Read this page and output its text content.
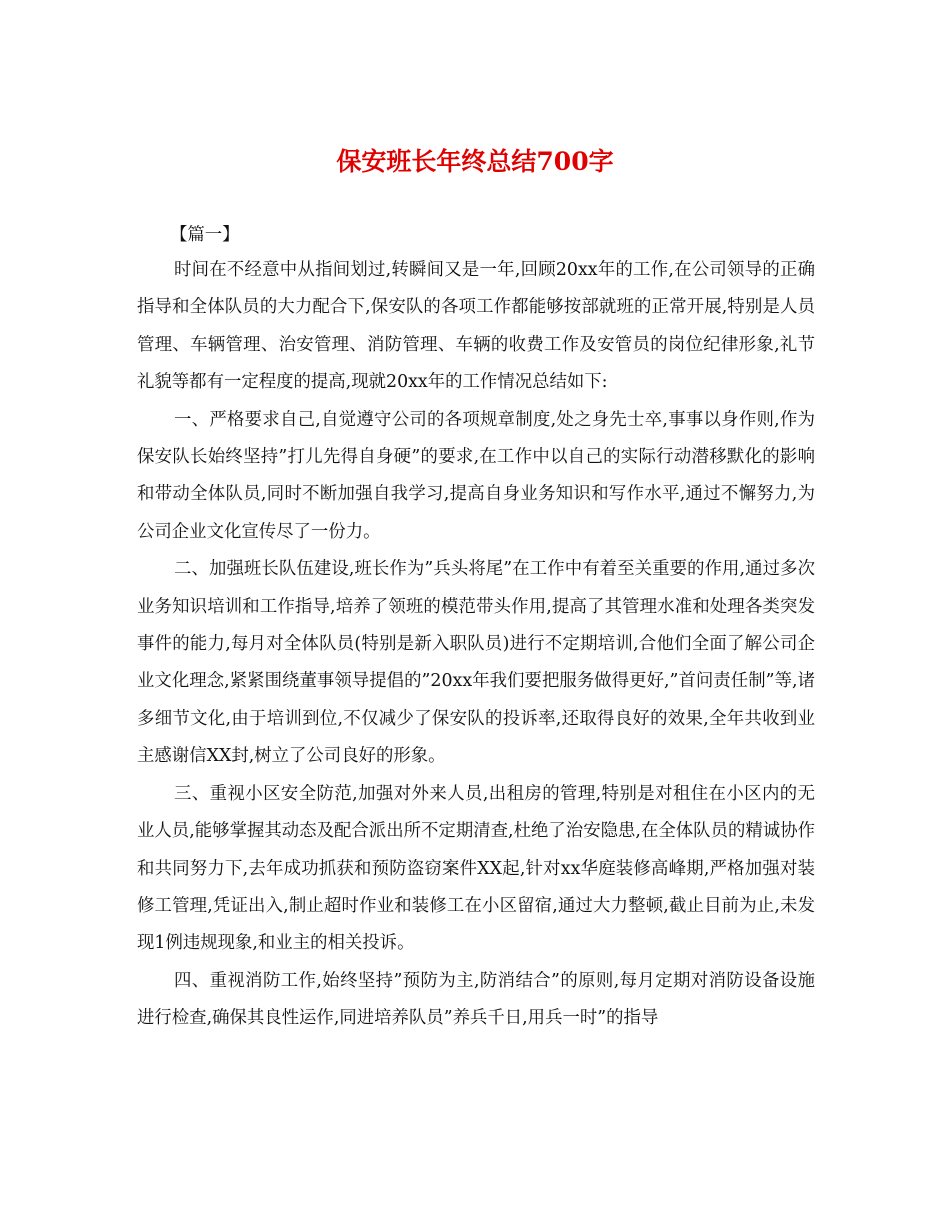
保安班长年终总结700字

【篇一】

时间在不经意中从指间划过,转瞬间又是一年,回顾20xx年的工作,在公司领导的正确指导和全体队员的大力配合下,保安队的各项工作都能够按部就班的正常开展,特别是人员管理、车辆管理、治安管理、消防管理、车辆的收费工作及安管员的岗位纪律形象,礼节礼貌等都有一定程度的提高,现就20xx年的工作情况总结如下:

一、严格要求自己,自觉遵守公司的各项规章制度,处之身先士卒,事事以身作则,作为保安队长始终坚持”打儿先得自身硬”的要求,在工作中以自己的实际行动潜移默化的影响和带动全体队员,同时不断加强自我学习,提高自身业务知识和写作水平,通过不懈努力,为公司企业文化宣传尽了一份力。

二、加强班长队伍建设,班长作为”兵头将尾”在工作中有着至关重要的作用,通过多次业务知识培训和工作指导,培养了领班的模范带头作用,提高了其管理水准和处理各类突发事件的能力,每月对全体队员(特别是新入职队员)进行不定期培训,合他们全面了解公司企业文化理念,紧紧围绕董事领导提倡的”20xx年我们要把服务做得更好,”首问责任制”等,诸多细节文化,由于培训到位,不仅减少了保安队的投诉率,还取得良好的效果,全年共收到业主感谢信XX封,树立了公司良好的形象。

三、重视小区安全防范,加强对外来人员,出租房的管理,特别是对租住在小区内的无业人员,能够掌握其动态及配合派出所不定期清查,杜绝了治安隐患,在全体队员的精诚协作和共同努力下,去年成功抓获和预防盗窃案件XX起,针对xx华庭装修高峰期,严格加强对装修工管理,凭证出入,制止超时作业和装修工在小区留宿,通过大力整顿,截止目前为止,未发现1例违规现象,和业主的相关投诉。

四、重视消防工作,始终坚持”预防为主,防消结合”的原则,每月定期对消防设备设施进行检查,确保其良性运作,同进培养队员”养兵千日,用兵一时”的指导
